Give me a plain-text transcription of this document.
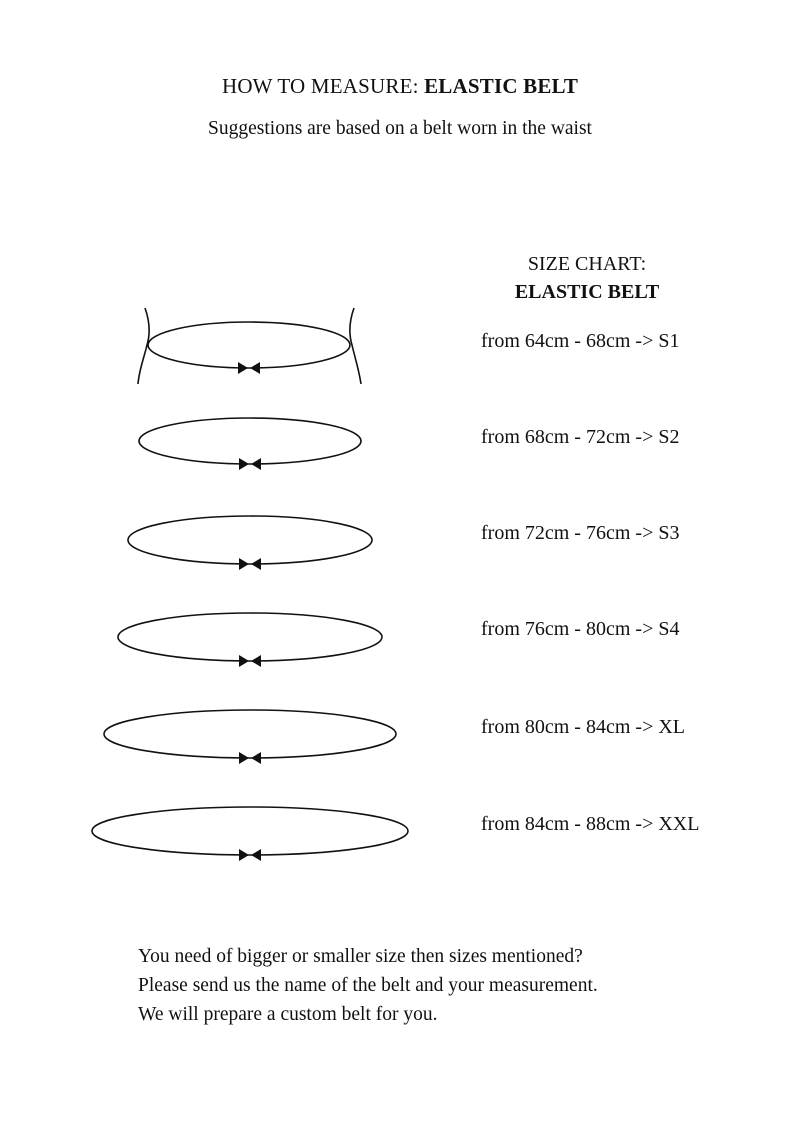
HOW TO MEASURE: ELASTIC BELT
Suggestions are based on a belt worn in the waist
SIZE CHART:
ELASTIC BELT
from 64cm - 68cm -> S1
from 68cm - 72cm -> S2
from 72cm - 76cm -> S3
from 76cm - 80cm -> S4
from 80cm - 84cm -> XL
from 84cm - 88cm -> XXL
You need of bigger or smaller size then sizes mentioned?
Please send us the name of the belt and your measurement.
We will prepare a custom belt for you.
